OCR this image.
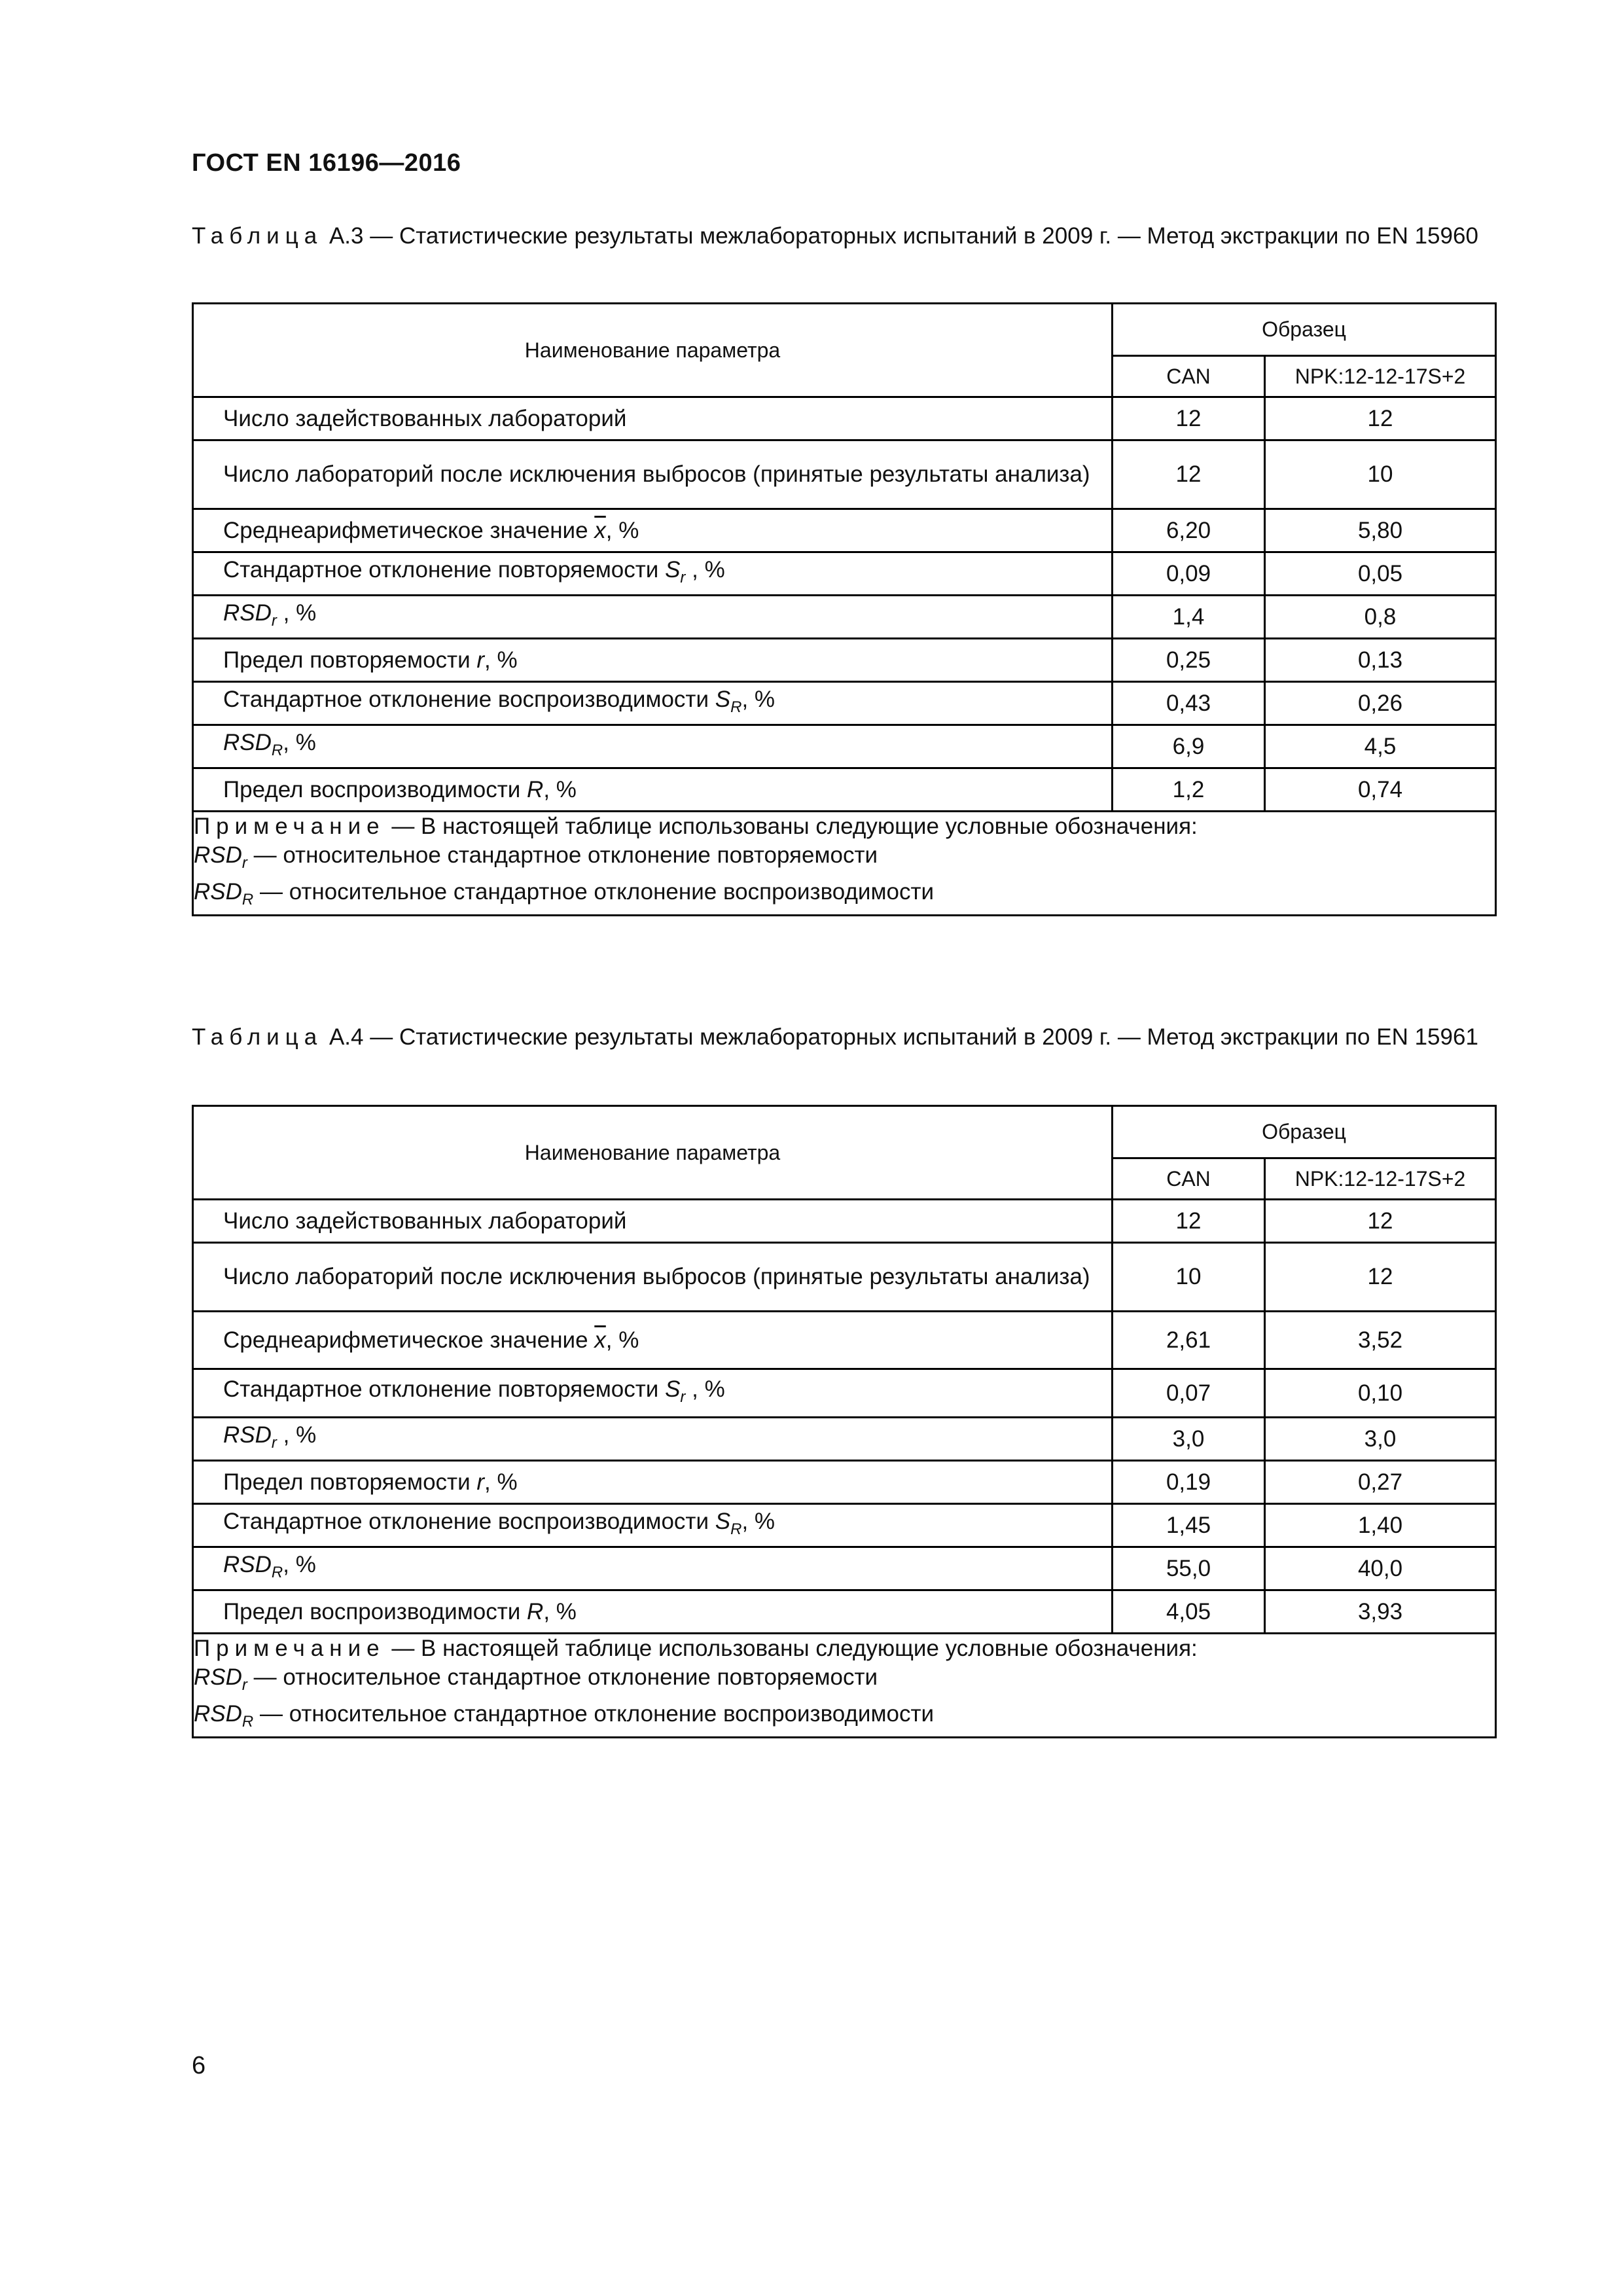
ГОСТ EN 16196—2016
Таблица А.3 — Статистические результаты межлабораторных испытаний в 2009 г. — Метод экстракции по EN 15960
Наименование параметра	Образец	
	CAN	NPK:12-12-17S+2
Число задействованных лабораторий	12	12
Число лабораторий после исключения выбросов (принятые результаты анализа)	12	10
Среднеарифметическое значение $\overline{x}$, %	6,20	5,80
Стандартное отклонение повторяемости $S_r$ , %	0,09	0,05
$RSD_r$ , %	1,4	0,8
Предел повторяемости r, %	0,25	0,13
Стандартное отклонение воспроизводимости $S_R$, %	0,43	0,26
$RSD_R$, %	6,9	4,5
Предел воспроизводимости R, %	1,2	0,74

Примечание — В настоящей таблице использованы следующие условные обозначения:
$RSD_r$ — относительное стандартное отклонение повторяемости
$RSD_R$ — относительное стандартное отклонение воспроизводимости		
Таблица А.4 — Статистические результаты межлабораторных испытаний в 2009 г. — Метод экстракции по EN 15961
Наименование параметра	Образец	
	CAN	NPK:12-12-17S+2
Число задействованных лабораторий	12	12
Число лабораторий после исключения выбросов (принятые результаты анализа)	10	12
Среднеарифметическое значение $\overline{x}$, %	2,61	3,52
Стандартное отклонение повторяемости $S_r$ , %	0,07	0,10
$RSD_r$ , %	3,0	3,0
Предел повторяемости r, %	0,19	0,27
Стандартное отклонение воспроизводимости $S_R$, %	1,45	1,40
$RSD_R$, %	55,0	40,0
Предел воспроизводимости R, %	4,05	3,93

Примечание — В настоящей таблице использованы следующие условные обозначения:
$RSD_r$ — относительное стандартное отклонение повторяемости
$RSD_R$ — относительное стандартное отклонение воспроизводимости		
6
